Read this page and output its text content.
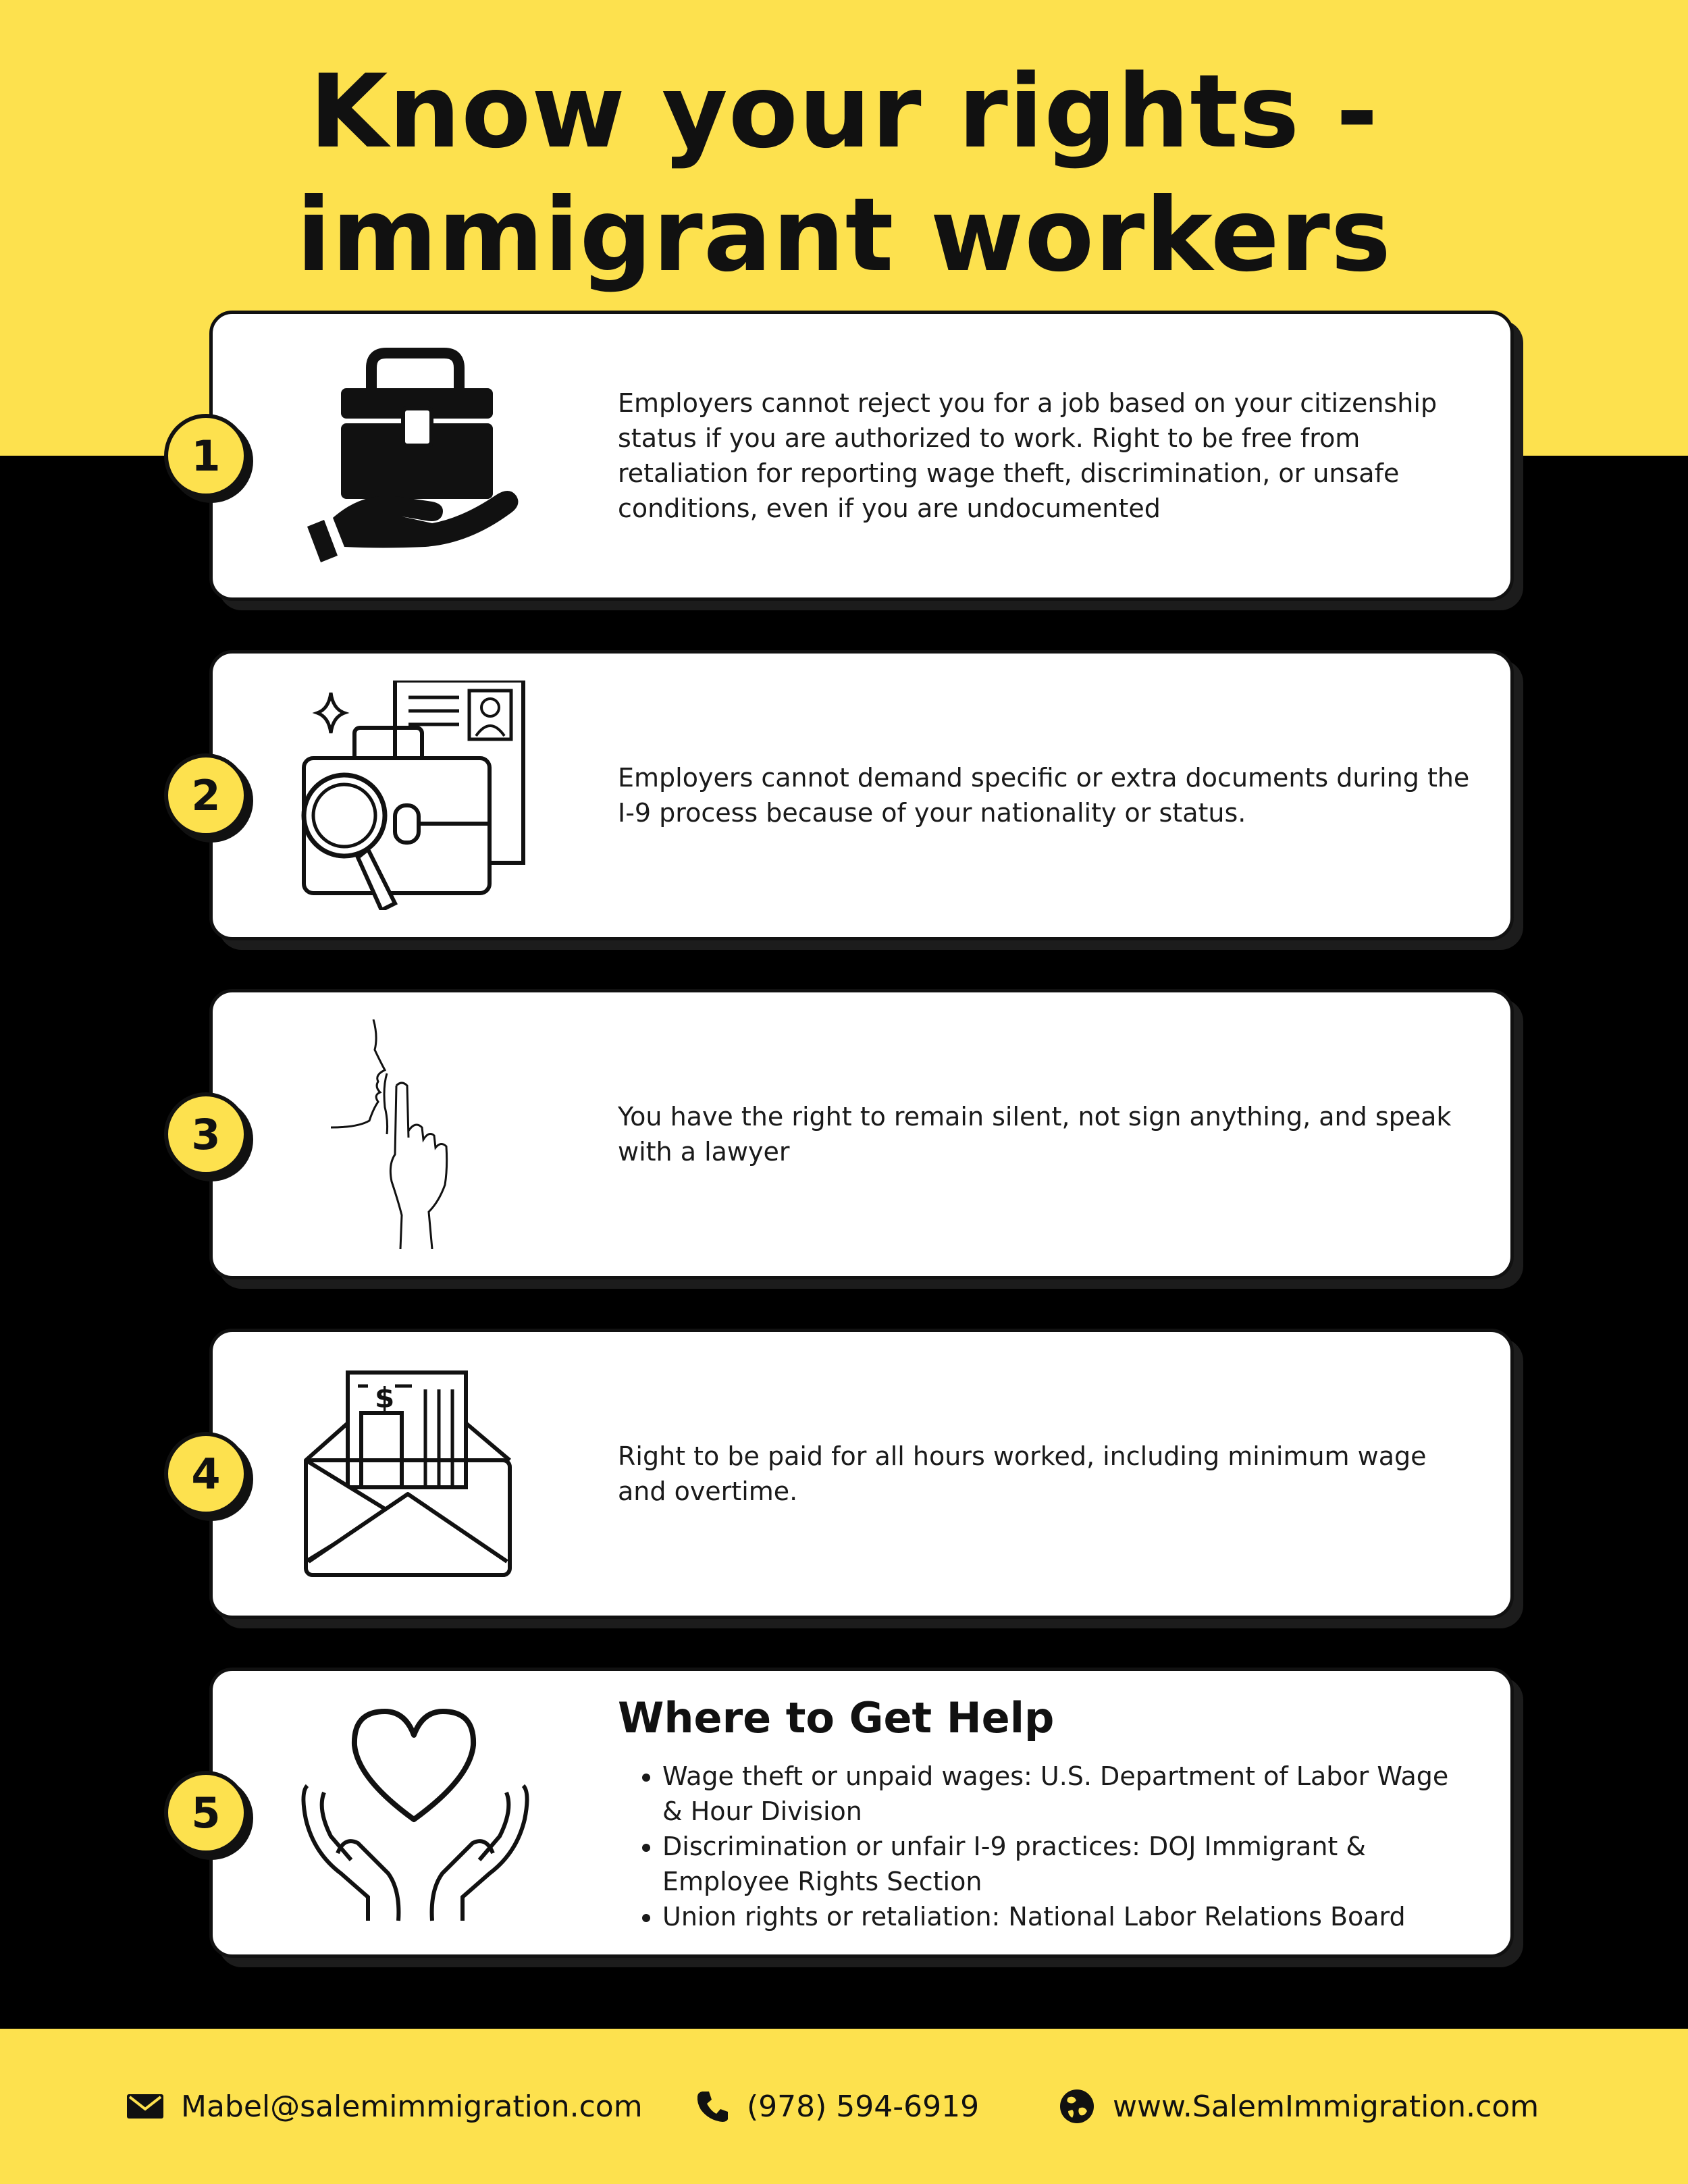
Know your rights -
immigrant workers
1
Employers cannot reject you for a job based on your citizenship status if you are authorized to work. Right to be free from retaliation for reporting wage theft, discrimination, or unsafe conditions, even if you are undocumented
2	Employers cannot demand specific or extra documents during the I-9 process because of your nationality or status.
3	You have the right to remain silent, not sign anything, and speak with a lawyer
4
$
Right to be paid for all hours worked, including minimum wage and overtime.
5
Where to Get Help
• Wage theft or unpaid wages: U.S. Department of Labor Wage & Hour Division
• Discrimination or unfair I-9 practices: DOJ Immigrant & Employee Rights Section
• Union rights or retaliation: National Labor Relations Board
Mabel@salemimmigration.com	(978) 594-6919	www.SalemImmigration.com
